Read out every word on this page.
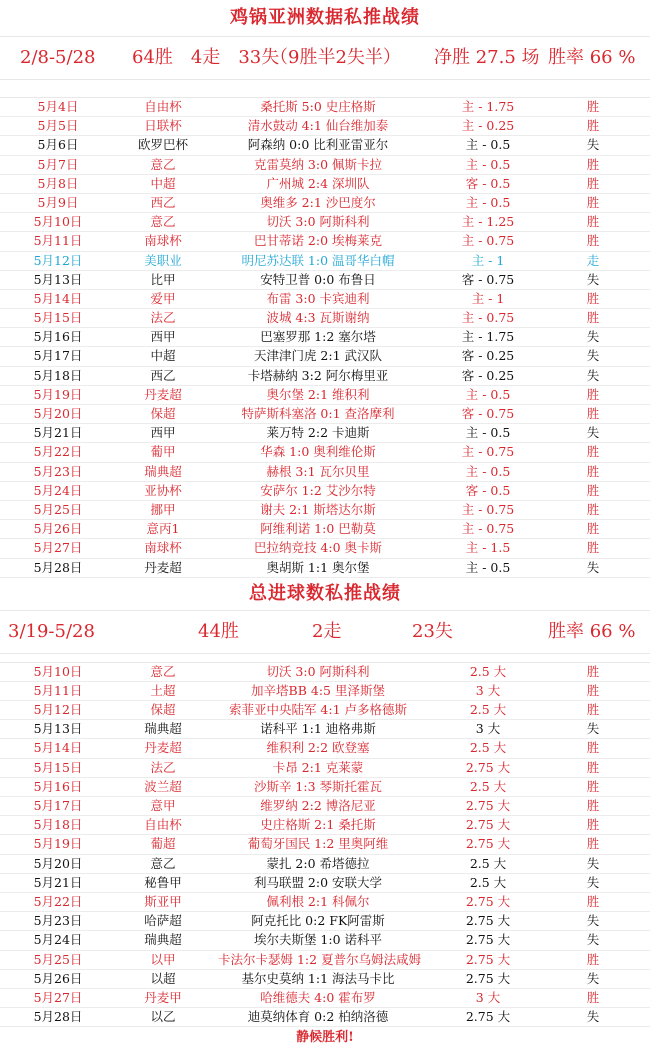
鸡锅亚洲数据私推战绩
2/8-5/28 64胜　4走　33失
（9胜半2失半） 净胜 27.5 场 胜率 66 %
5月4日	自由杯	桑托斯 5:0 史庄格斯	主 - 1.75	胜
5月5日	日联杯	清水鼓动 4:1 仙台维加泰	主 - 0.25	胜
5月6日	欧罗巴杯	阿森纳 0:0 比利亚雷亚尔	主 - 0.5	失
5月7日	意乙	克雷莫纳 3:0 佩斯卡拉	主 - 0.5	胜
5月8日	中超	广州城 2:4 深圳队	客 - 0.5	胜
5月9日	西乙	奥维多 2:1 沙巴度尔	主 - 0.5	胜
5月10日	意乙	切沃 3:0 阿斯科利	主 - 1.25	胜
5月11日	南球杯	巴甘蒂诺 2:0 埃梅莱克	主 - 0.75	胜
5月12日	美职业	明尼苏达联 1:0 温哥华白帽	主 - 1	走
5月13日	比甲	安特卫普 0:0 布鲁日	客 - 0.75	失
5月14日	爱甲	布雷 3:0 卡宾迪利	主 - 1	胜
5月15日	法乙	波城 4:3 瓦斯谢纳	主 - 0.75	胜
5月16日	西甲	巴塞罗那 1:2 塞尔塔	主 - 1.75	失
5月17日	中超	天津津门虎 2:1 武汉队	客 - 0.25	失
5月18日	西乙	卡塔赫纳 3:2 阿尔梅里亚	客 - 0.25	失
5月19日	丹麦超	奥尔堡 2:1 维积利	主 - 0.5	胜
5月20日	保超	特萨斯科塞洛 0:1 查洛摩利	客 - 0.75	胜
5月21日	西甲	莱万特 2:2 卡迪斯	主 - 0.5	失
5月22日	葡甲	华森 1:0 奥利维伦斯	主 - 0.75	胜
5月23日	瑞典超	赫根 3:1 瓦尔贝里	主 - 0.5	胜
5月24日	亚协杯	安萨尔 1:2 艾沙尔特	客 - 0.5	胜
5月25日	挪甲	谢夫 2:1 斯塔达尔斯	主 - 0.75	胜
5月26日	意丙1	阿维利诺 1:0 巴勒莫	主 - 0.75	胜
5月27日	南球杯	巴拉纳竞技 4:0 奥卡斯	主 - 1.5	胜
5月28日	丹麦超	奥胡斯 1:1 奥尔堡	主 - 0.5	失
总进球数私推战绩
3/19-5/28	44胜	2走	23失	胜率 66 %
5月10日	意乙	切沃 3:0 阿斯科利	2.5 大	胜
5月11日	土超	加辛塔BB 4:5 里泽斯堡	3 大	胜
5月12日	保超	索菲亚中央陆军 4:1 卢多格德斯	2.5 大	胜
5月13日	瑞典超	诺科平 1:1 迪格弗斯	3 大	失
5月14日	丹麦超	维积利 2:2 欧登塞	2.5 大	胜
5月15日	法乙	卡昂 2:1 克莱蒙	2.75 大	胜
5月16日	波兰超	沙斯辛 1:3 琴斯托霍瓦	2.5 大	胜
5月17日	意甲	维罗纳 2:2 博洛尼亚	2.75 大	胜
5月18日	自由杯	史庄格斯 2:1 桑托斯	2.75 大	胜
5月19日	葡超	葡萄牙国民 1:2 里奥阿维	2.75 大	胜
5月20日	意乙	蒙扎 2:0 希塔德拉	2.5 大	失
5月21日	秘鲁甲	利马联盟 2:0 安联大学	2.5 大	失
5月22日	斯亚甲	佩利根 2:1 科佩尔	2.75 大	胜
5月23日	哈萨超	阿克托比 0:2 FK阿雷斯	2.75 大	失
5月24日	瑞典超	埃尔夫斯堡 1:0 诺科平	2.75 大	失
5月25日	以甲	卡法尔卡瑟姆 1:2 夏普尔乌姆法咸姆	2.75 大	胜
5月26日	以超	基尔史莫纳 1:1 海法马卡比	2.75 大	失
5月27日	丹麦甲	哈维德夫 4:0 霍布罗	3 大	胜
5月28日	以乙	迪莫纳体育 0:2 柏纳洛德	2.75 大	失
静候胜利!
